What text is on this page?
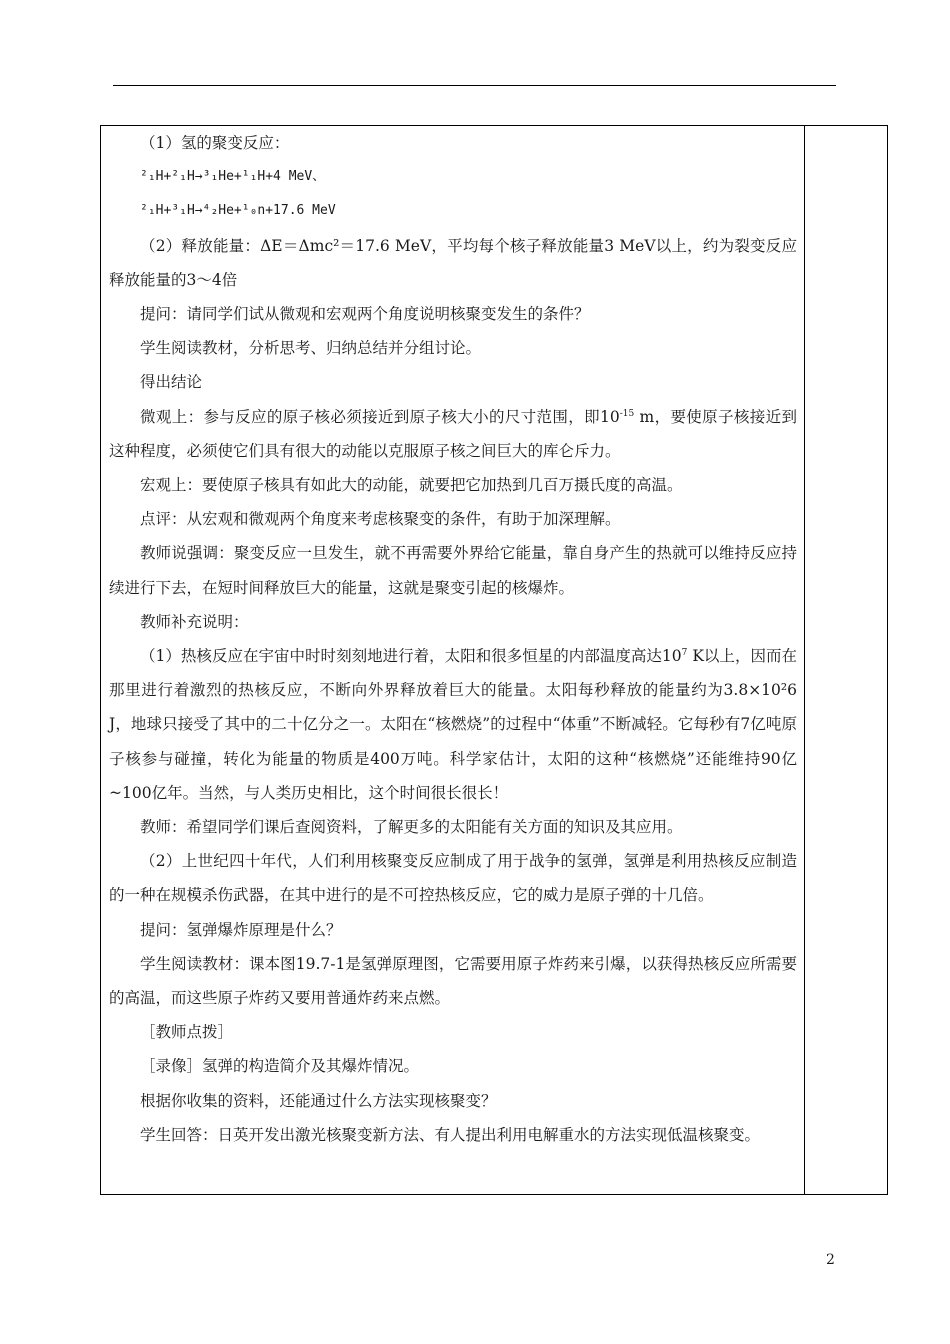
（1）氢的聚变反应：

²₁H+²₁H→³₁He+¹₁H+4 MeV、

²₁H+³₁H→⁴₂He+¹₀n+17.6 MeV

（2）释放能量：ΔE＝Δmc²＝17.6 MeV，平均每个核子释放能量3 MeV以上，约为裂变反应释放能量的3～4倍

提问：请同学们试从微观和宏观两个角度说明核聚变发生的条件？

学生阅读教材，分析思考、归纳总结并分组讨论。

得出结论

微观上：参与反应的原子核必须接近到原子核大小的尺寸范围，即$10^{-15}$ m，要使原子核接近到这种程度，必须使它们具有很大的动能以克服原子核之间巨大的库仑斥力。

宏观上：要使原子核具有如此大的动能，就要把它加热到几百万摄氏度的高温。

点评：从宏观和微观两个角度来考虑核聚变的条件，有助于加深理解。

教师说强调：聚变反应一旦发生，就不再需要外界给它能量，靠自身产生的热就可以维持反应持续进行下去，在短时间释放巨大的能量，这就是聚变引起的核爆炸。

教师补充说明：

（1）热核反应在宇宙中时时刻刻地进行着，太阳和很多恒星的内部温度高达$10^7$ K以上，因而在那里进行着激烈的热核反应，不断向外界释放着巨大的能量。太阳每秒释放的能量约为3.8×10²6 J，地球只接受了其中的二十亿分之一。太阳在“核燃烧”的过程中“体重”不断减轻。它每秒有7亿吨原子核参与碰撞，转化为能量的物质是400万吨。科学家估计，太阳的这种“核燃烧”还能维持90亿~100亿年。当然，与人类历史相比，这个时间很长很长！

教师：希望同学们课后查阅资料，了解更多的太阳能有关方面的知识及其应用。

（2）上世纪四十年代，人们利用核聚变反应制成了用于战争的氢弹，氢弹是利用热核反应制造的一种在规模杀伤武器，在其中进行的是不可控热核反应，它的威力是原子弹的十几倍。

提问：氢弹爆炸原理是什么？

学生阅读教材：课本图19.7-1是氢弹原理图，它需要用原子炸药来引爆，以获得热核反应所需要的高温，而这些原子炸药又要用普通炸药来点燃。

［教师点拨］

［录像］氢弹的构造简介及其爆炸情况。

根据你收集的资料，还能通过什么方法实现核聚变？

学生回答：日英开发出激光核聚变新方法、有人提出利用电解重水的方法实现低温核聚变。

2
